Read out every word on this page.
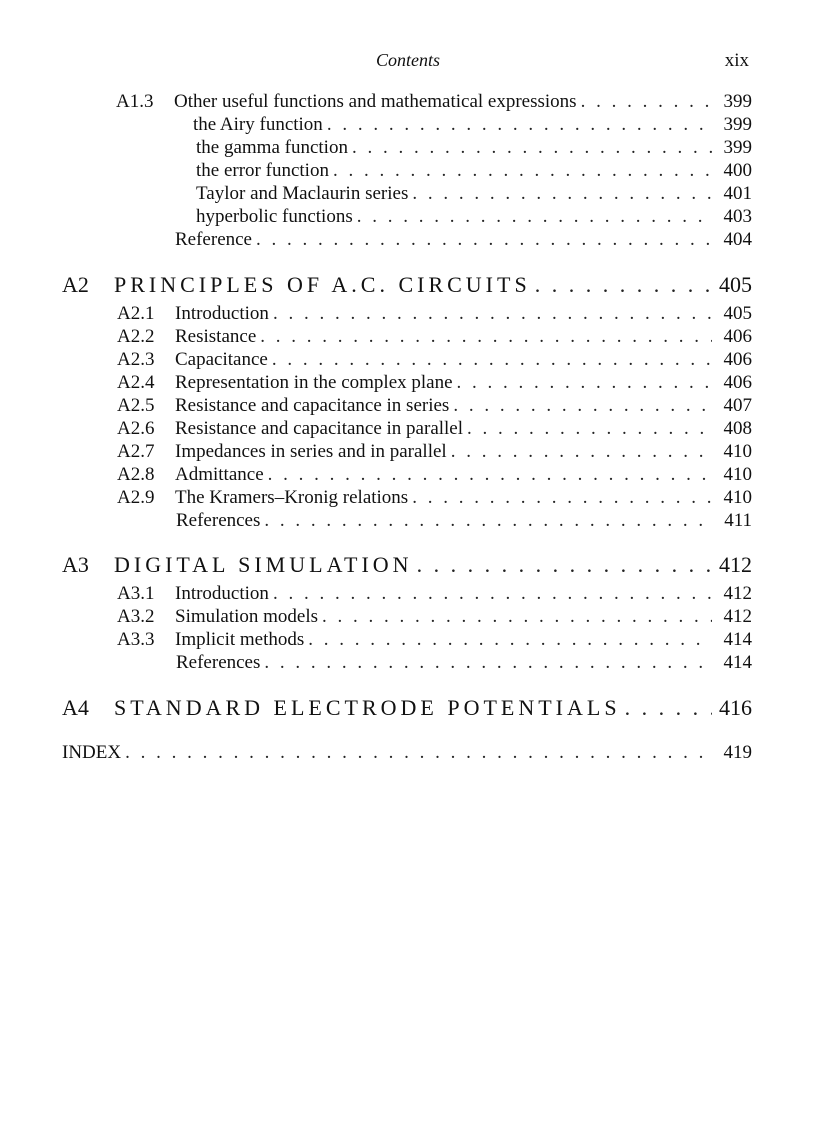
Contents	xix
A1.3	Other useful functions and mathematical expressions . . .	399
the Airy function . . .	399
the gamma function . . .	399
the error function . . .	400
Taylor and Maclaurin series . . .	401
hyperbolic functions . . .	403
Reference . . .	404
A2	PRINCIPLES OF A.C. CIRCUITS . . .	405
A2.1	Introduction . . .	405
A2.2	Resistance . . .	406
A2.3	Capacitance . . .	406
A2.4	Representation in the complex plane . . .	406
A2.5	Resistance and capacitance in series . . .	407
A2.6	Resistance and capacitance in parallel . . .	408
A2.7	Impedances in series and in parallel . . .	410
A2.8	Admittance . . .	410
A2.9	The Kramers–Kronig relations . . .	410
References . . .	411
A3	DIGITAL SIMULATION . . .	412
A3.1	Introduction . . .	412
A3.2	Simulation models . . .	412
A3.3	Implicit methods . . .	414
References . . .	414
A4	STANDARD ELECTRODE POTENTIALS . . .	416
INDEX . . .	419
